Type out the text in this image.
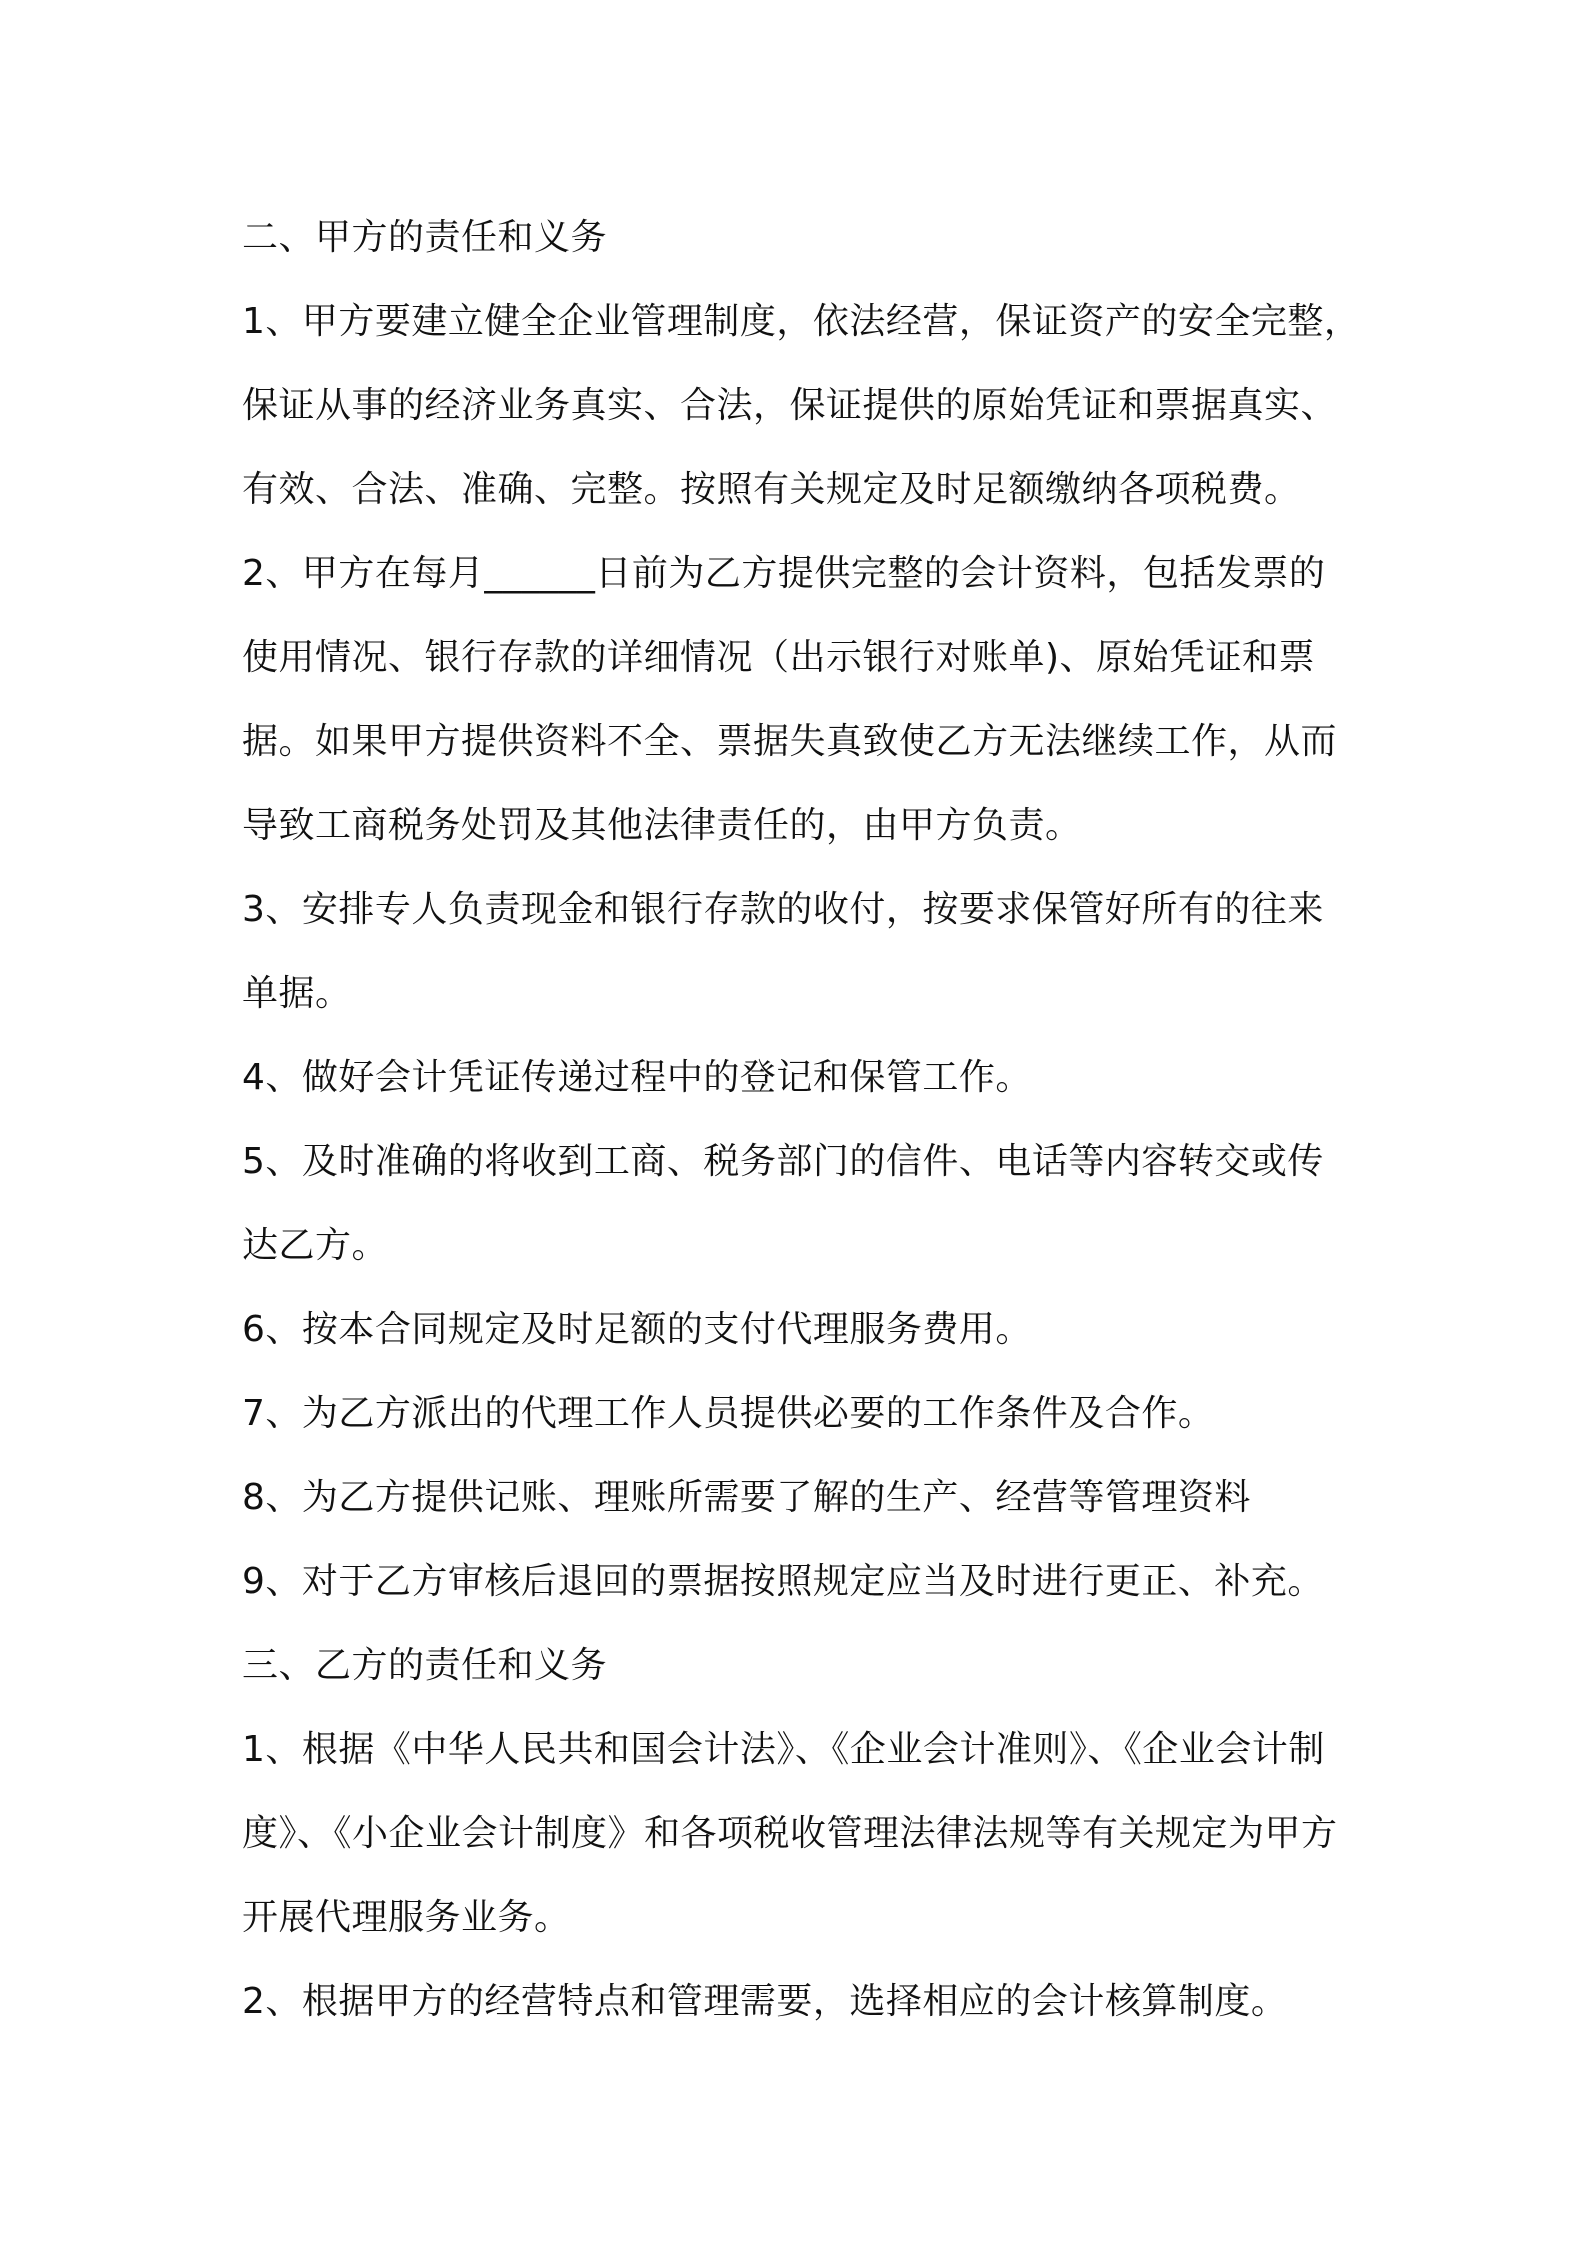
二、甲方的责任和义务
1、甲方要建立健全企业管理制度，依法经营，保证资产的安全完整，
保证从事的经济业务真实、合法，保证提供的原始凭证和票据真实、
有效、合法、准确、完整。按照有关规定及时足额缴纳各项税费。
2、甲方在每月______日前为乙方提供完整的会计资料，包括发票的
使用情况、银行存款的详细情况（出示银行对账单)、原始凭证和票
据。如果甲方提供资料不全、票据失真致使乙方无法继续工作，从而
导致工商税务处罚及其他法律责任的，由甲方负责。
3、安排专人负责现金和银行存款的收付，按要求保管好所有的往来
单据。
4、做好会计凭证传递过程中的登记和保管工作。
5、及时准确的将收到工商、税务部门的信件、电话等内容转交或传
达乙方。
6、按本合同规定及时足额的支付代理服务费用。
7、为乙方派出的代理工作人员提供必要的工作条件及合作。
8、为乙方提供记账、理账所需要了解的生产、经营等管理资料
9、对于乙方审核后退回的票据按照规定应当及时进行更正、补充。
三、乙方的责任和义务
1、根据《中华人民共和国会计法》、《企业会计准则》、《企业会计制
度》、《小企业会计制度》和各项税收管理法律法规等有关规定为甲方
开展代理服务业务。
2、根据甲方的经营特点和管理需要，选择相应的会计核算制度。
